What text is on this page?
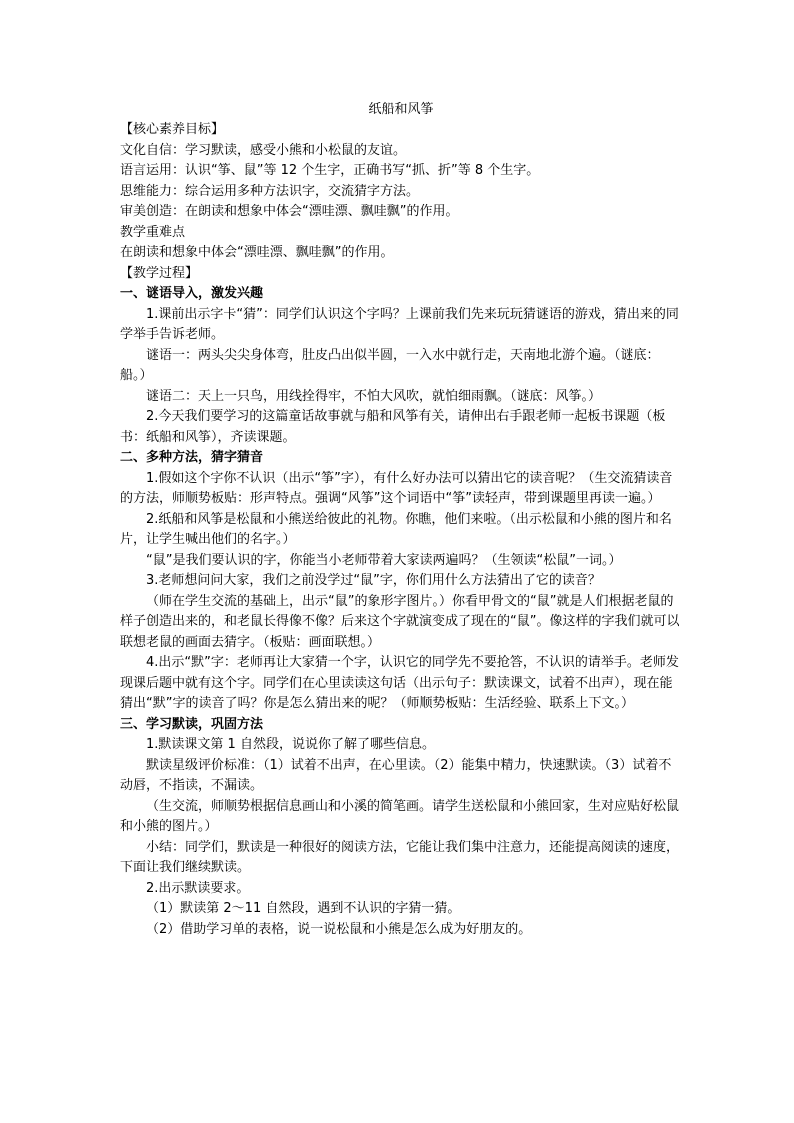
纸船和风筝

【核心素养目标】

文化自信：学习默读，感受小熊和小松鼠的友谊。

语言运用：认识“筝、鼠”等 12 个生字，正确书写“抓、折”等 8 个生字。

思维能力：综合运用多种方法识字，交流猜字方法。

审美创造：在朗读和想象中体会“漂哇漂、飘哇飘”的作用。

教学重难点

在朗读和想象中体会“漂哇漂、飘哇飘”的作用。

【教学过程】

一、谜语导入，激发兴趣

1.课前出示字卡“猜”：同学们认识这个字吗？上课前我们先来玩玩猜谜语的游戏，猜出来的同学举手告诉老师。

谜语一：两头尖尖身体弯，肚皮凸出似半圆，一入水中就行走，天南地北游个遍。（谜底：船。）

谜语二：天上一只鸟，用线拴得牢，不怕大风吹，就怕细雨飘。（谜底：风筝。）

2.今天我们要学习的这篇童话故事就与船和风筝有关，请伸出右手跟老师一起板书课题（板书：纸船和风筝），齐读课题。

二、多种方法，猜字猜音

1.假如这个字你不认识（出示“筝”字），有什么好办法可以猜出它的读音呢？（生交流猜读音的方法，师顺势板贴：形声特点。强调“风筝”这个词语中“筝”读轻声，带到课题里再读一遍。）

2.纸船和风筝是松鼠和小熊送给彼此的礼物。你瞧，他们来啦。（出示松鼠和小熊的图片和名片，让学生喊出他们的名字。）

“鼠”是我们要认识的字，你能当小老师带着大家读两遍吗？（生领读“松鼠”一词。）

3.老师想问问大家，我们之前没学过“鼠”字，你们用什么方法猜出了它的读音？

（师在学生交流的基础上，出示“鼠”的象形字图片。）你看甲骨文的“鼠”就是人们根据老鼠的样子创造出来的，和老鼠长得像不像？后来这个字就演变成了现在的“鼠”。像这样的字我们就可以联想老鼠的画面去猜字。（板贴：画面联想。）

4.出示“默”字：老师再让大家猜一个字，认识它的同学先不要抢答，不认识的请举手。老师发现课后题中就有这个字。同学们在心里读读这句话（出示句子：默读课文，试着不出声），现在能猜出“默”字的读音了吗？你是怎么猜出来的呢？（师顺势板贴：生活经验、联系上下文。）

三、学习默读，巩固方法

1.默读课文第 1 自然段，说说你了解了哪些信息。

默读星级评价标准：（1）试着不出声，在心里读。（2）能集中精力，快速默读。（3）试着不动唇，不指读，不漏读。

（生交流，师顺势根据信息画山和小溪的简笔画。请学生送松鼠和小熊回家，生对应贴好松鼠和小熊的图片。）

小结：同学们，默读是一种很好的阅读方法，它能让我们集中注意力，还能提高阅读的速度，下面让我们继续默读。

2.出示默读要求。

（1）默读第 2～11 自然段，遇到不认识的字猜一猜。

（2）借助学习单的表格，说一说松鼠和小熊是怎么成为好朋友的。
